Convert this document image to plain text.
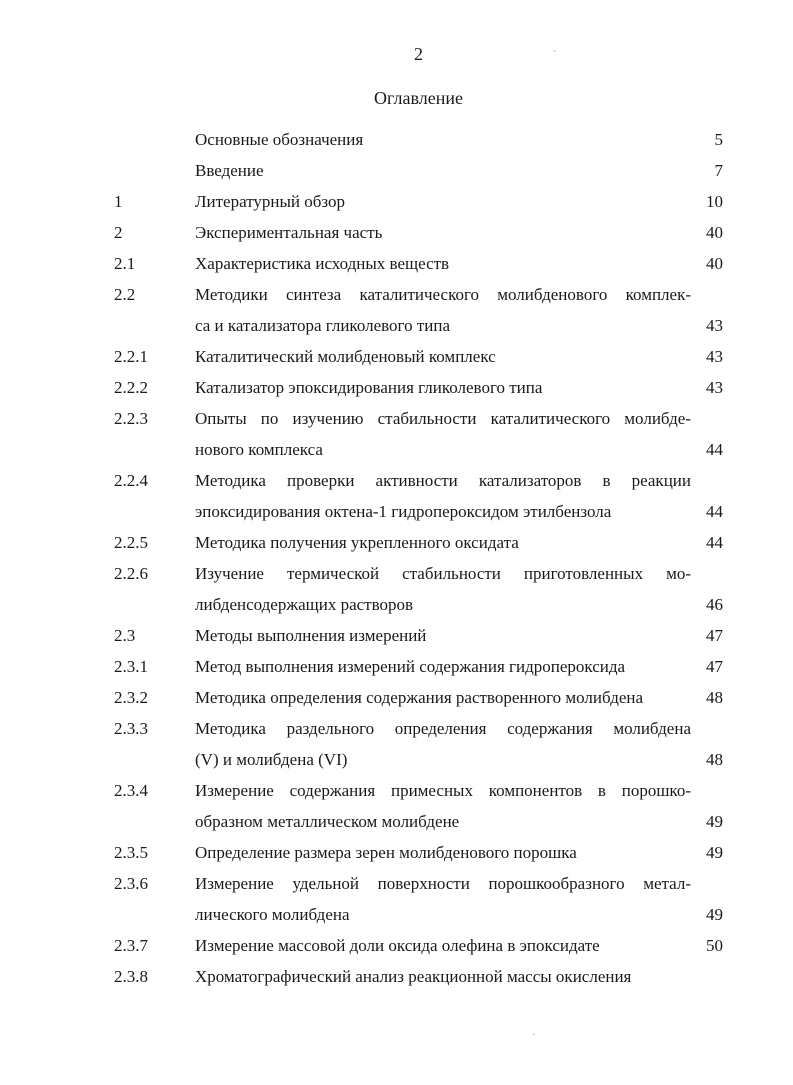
2	ᵕ
Оглавление
Основные обозначения	5
Введение	7
1	Литературный обзор	10
2	Экспериментальная часть	40
2.1	Характеристика исходных веществ	40
2.2	Методики синтеза каталитического молибденового комплек-
са и катализатора гликолевого типа	43
2.2.1	Каталитический молибденовый комплекс	43
2.2.2	Катализатор эпоксидирования гликолевого типа	43
2.2.3	Опыты по изучению стабильности каталитического молибде-
нового комплекса	44
2.2.4	Методика проверки активности катализаторов в реакции
эпоксидирования октена-1 гидропероксидом этилбензола	44
2.2.5	Методика получения укрепленного оксидата	44
2.2.6	Изучение термической стабильности приготовленных мо-
либденсодержащих растворов	46
2.3	Методы выполнения измерений	47
2.3.1	Метод выполнения измерений содержания гидропероксида	47
2.3.2	Методика определения содержания растворенного молибдена	48
2.3.3	Методика раздельного определения содержания молибдена
(V) и молибдена (VI)	48
2.3.4	Измерение содержания примесных компонентов в порошко-
образном металлическом молибдене	49
2.3.5	Определение размера зерен молибденового порошка	49
2.3.6	Измерение удельной поверхности порошкообразного метал-
лического молибдена	49
2.3.7	Измерение массовой доли оксида олефина в эпоксидате	50
2.3.8	Хроматографический анализ реакционной массы окисления
·
